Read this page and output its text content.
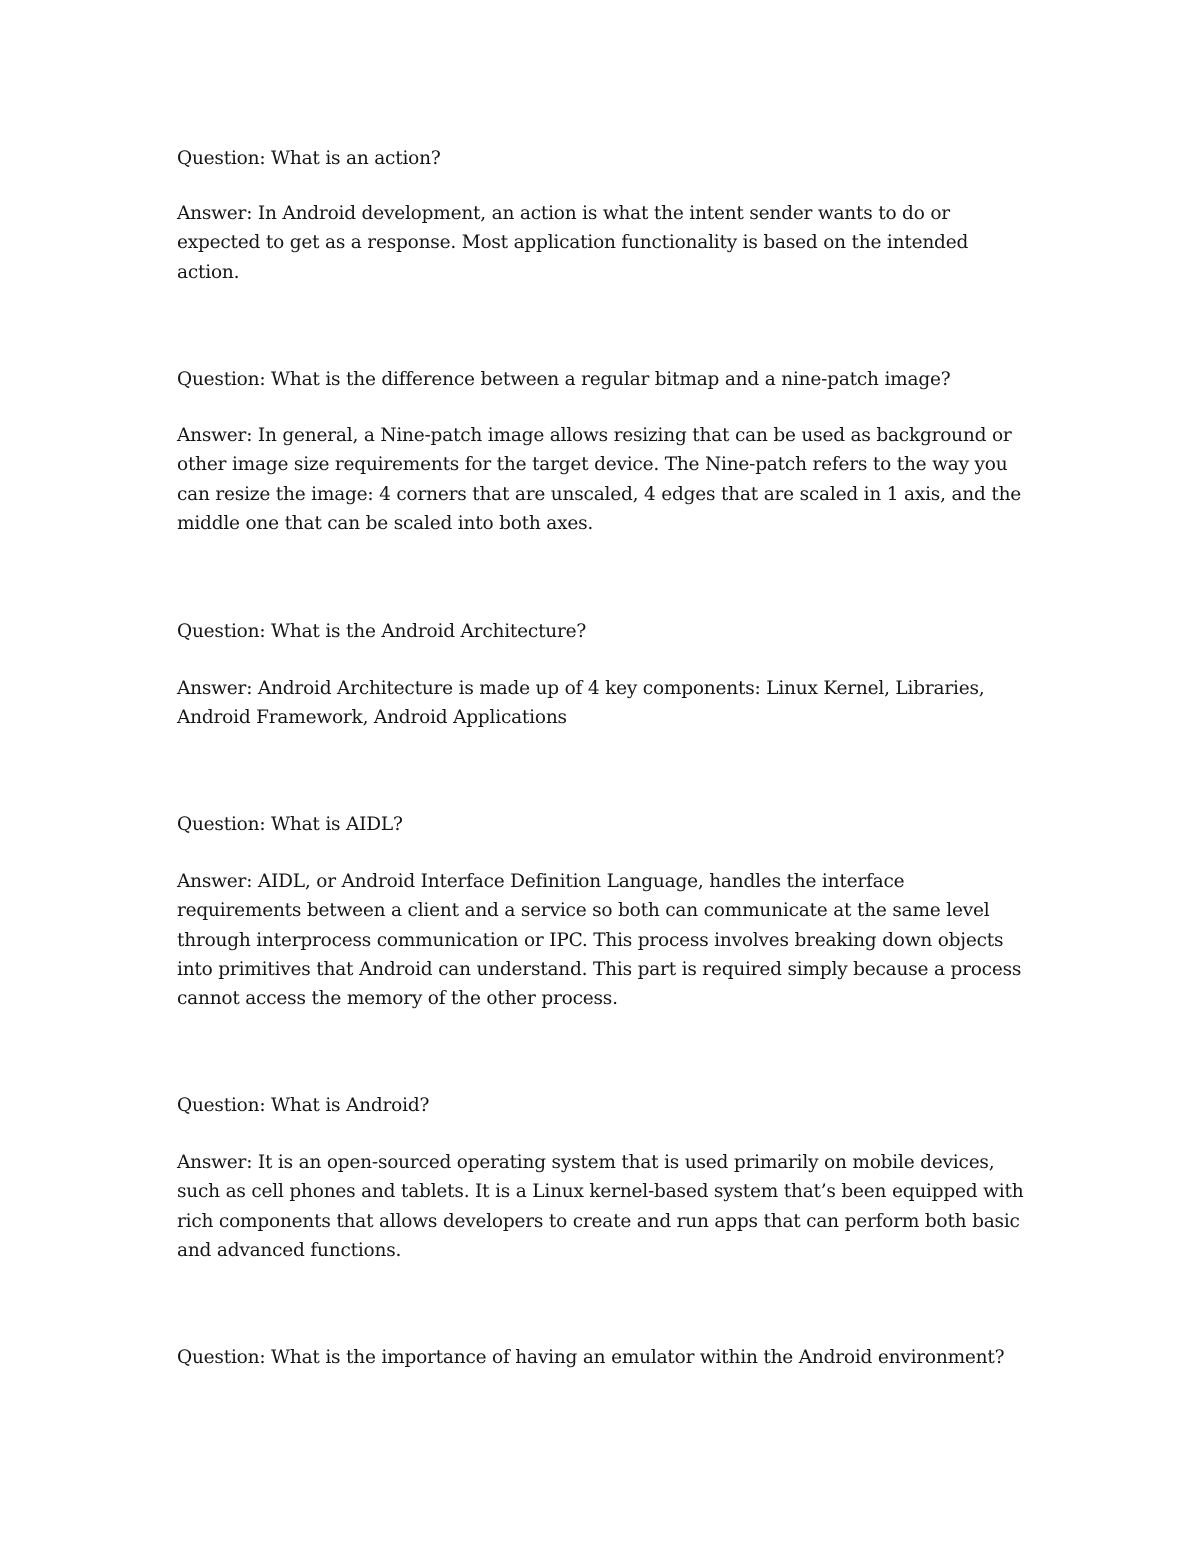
Question: What is an action?

Answer: In Android development, an action is what the intent sender wants to do or expected to get as a response. Most application functionality is based on the intended action.

Question: What is the difference between a regular bitmap and a nine-patch image?

Answer: In general, a Nine-patch image allows resizing that can be used as background or other image size requirements for the target device. The Nine-patch refers to the way you can resize the image: 4 corners that are unscaled, 4 edges that are scaled in 1 axis, and the middle one that can be scaled into both axes.

Question: What is the Android Architecture?

Answer: Android Architecture is made up of 4 key components: Linux Kernel, Libraries, Android Framework, Android Applications

Question: What is AIDL?

Answer: AIDL, or Android Interface Definition Language, handles the interface requirements between a client and a service so both can communicate at the same level through interprocess communication or IPC. This process involves breaking down objects into primitives that Android can understand. This part is required simply because a process cannot access the memory of the other process.

Question: What is Android?

Answer: It is an open-sourced operating system that is used primarily on mobile devices, such as cell phones and tablets. It is a Linux kernel-based system that’s been equipped with rich components that allows developers to create and run apps that can perform both basic and advanced functions.

Question: What is the importance of having an emulator within the Android environment?
